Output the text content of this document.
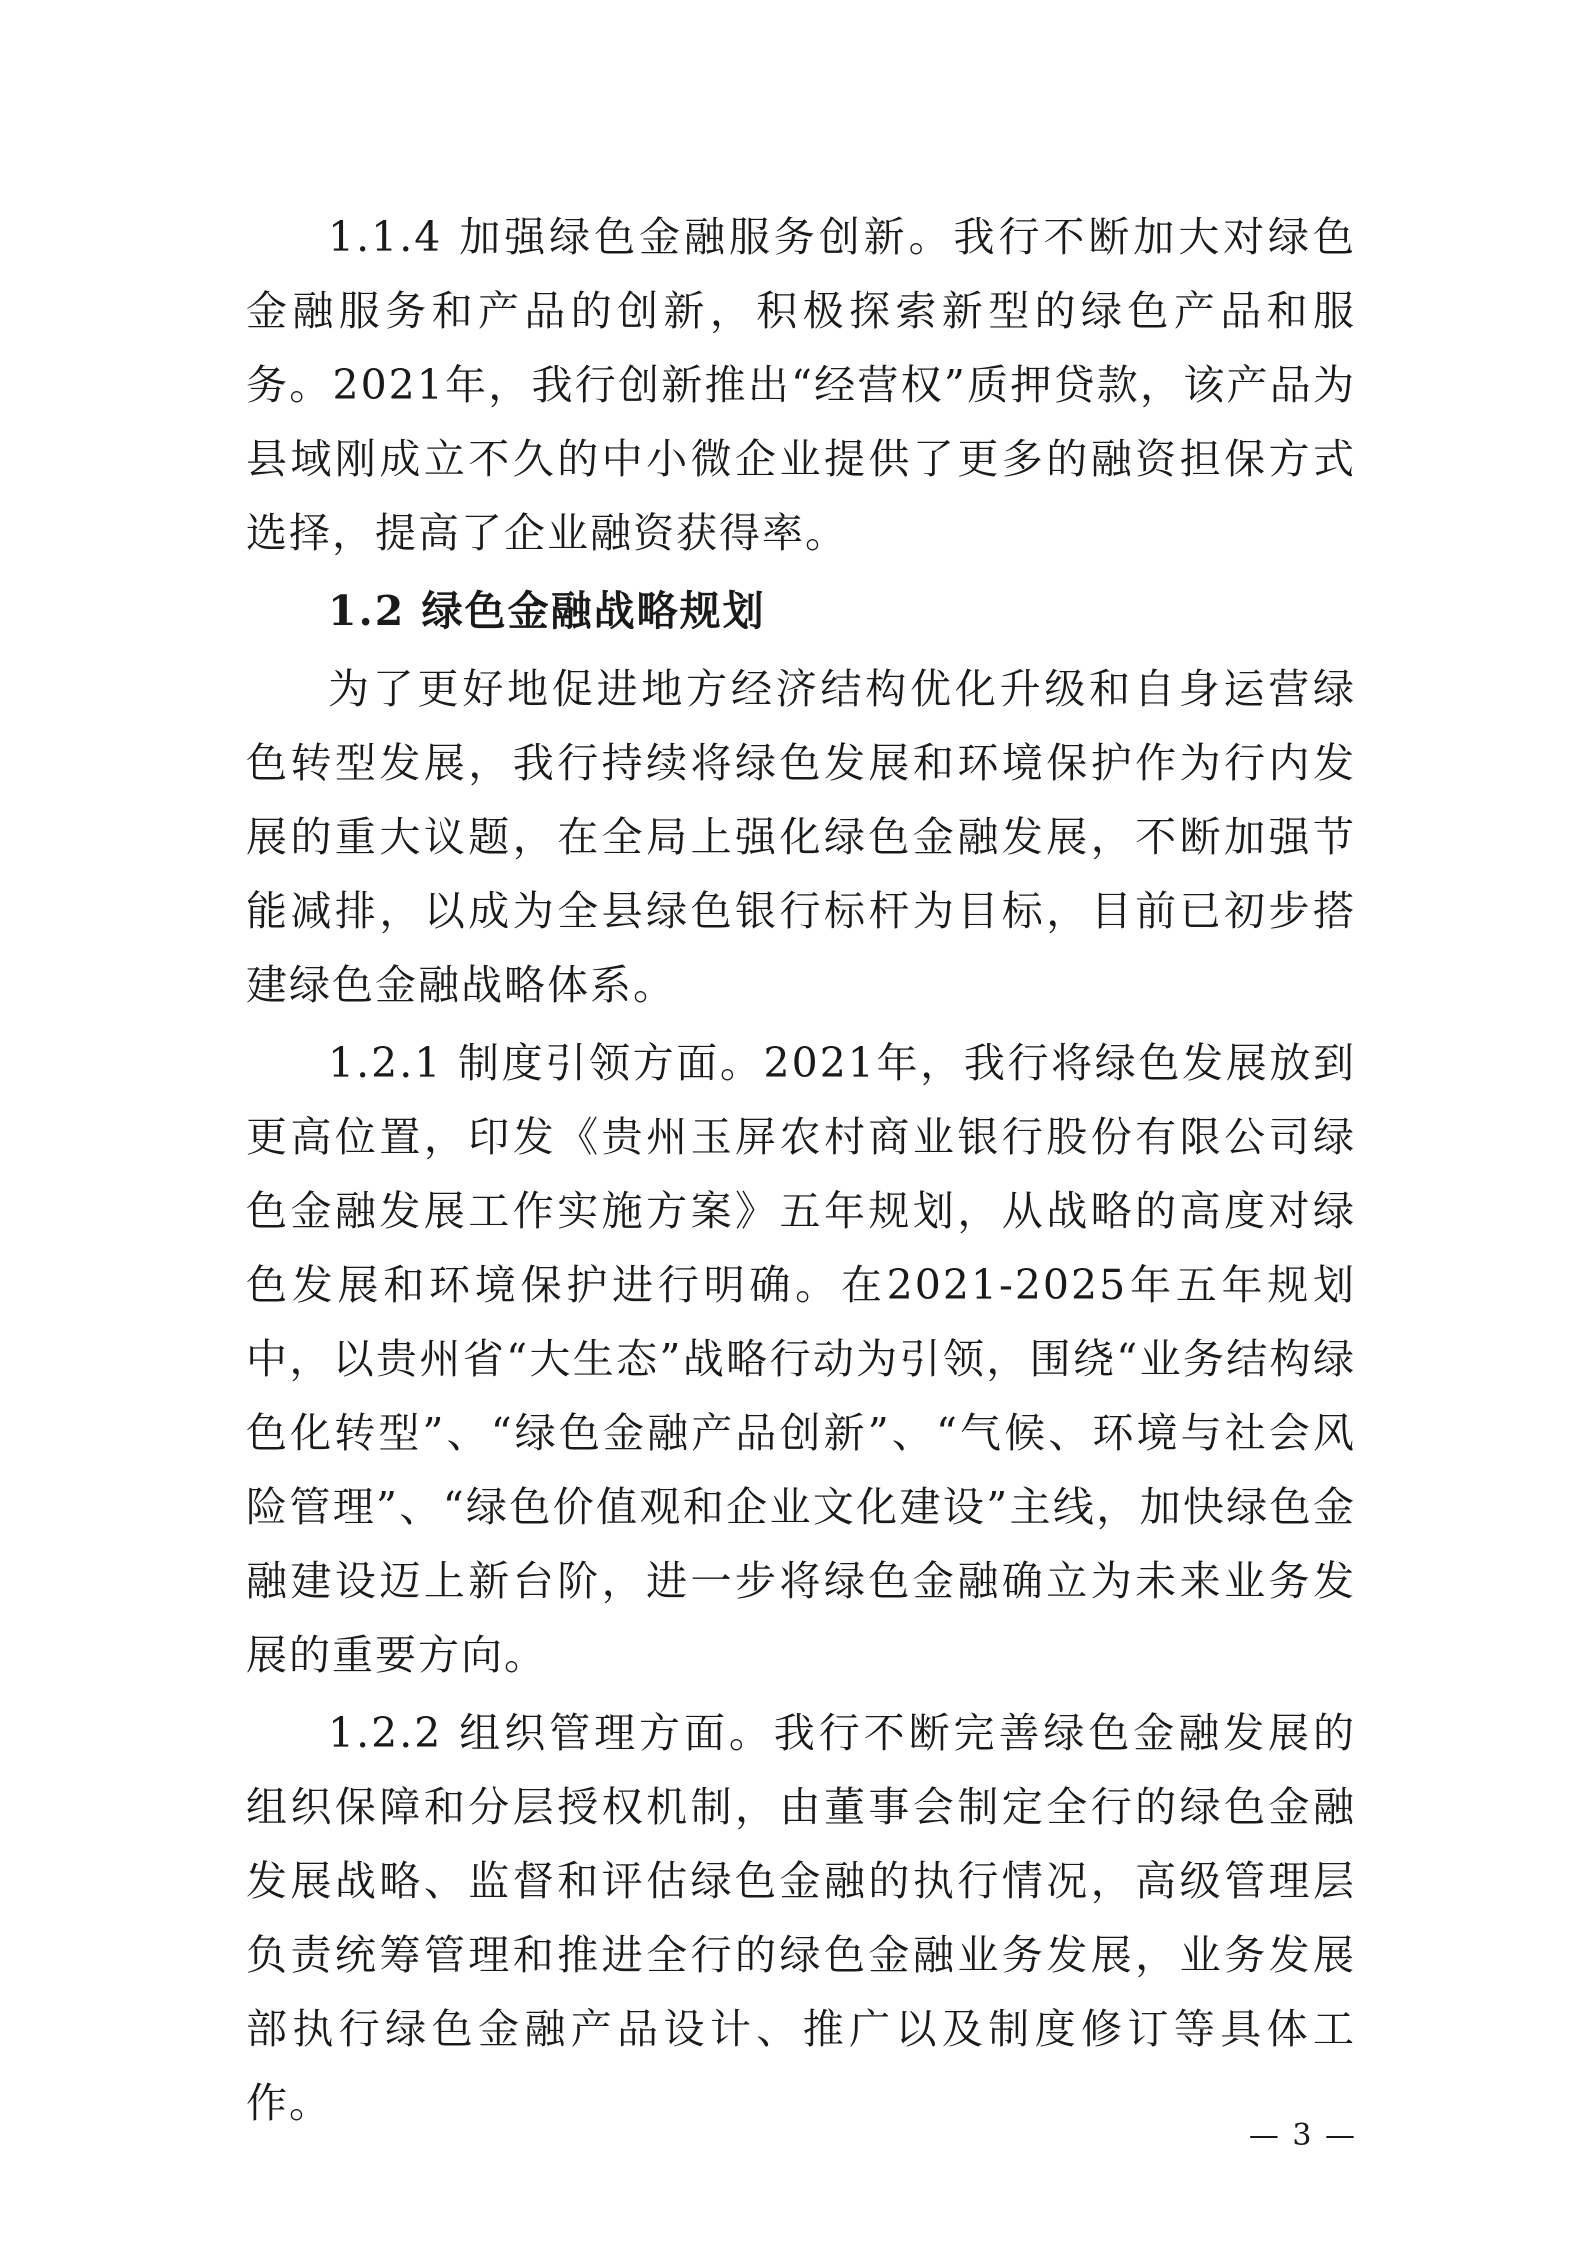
1.1.4 加强绿色金融服务创新。我行不断加大对绿色金融服务和产品的创新，积极探索新型的绿色产品和服务。2021年，我行创新推出“经营权”质押贷款，该产品为县域刚成立不久的中小微企业提供了更多的融资担保方式选择，提高了企业融资获得率。

1.2 绿色金融战略规划

为了更好地促进地方经济结构优化升级和自身运营绿色转型发展，我行持续将绿色发展和环境保护作为行内发展的重大议题，在全局上强化绿色金融发展，不断加强节能减排，以成为全县绿色银行标杆为目标，目前已初步搭建绿色金融战略体系。

1.2.1 制度引领方面。2021年，我行将绿色发展放到更高位置，印发《贵州玉屏农村商业银行股份有限公司绿色金融发展工作实施方案》五年规划，从战略的高度对绿色发展和环境保护进行明确。在2021-2025年五年规划中，以贵州省“大生态”战略行动为引领，围绕“业务结构绿色化转型”、“绿色金融产品创新”、“气候、环境与社会风险管理”、“绿色价值观和企业文化建设”主线，加快绿色金融建设迈上新台阶，进一步将绿色金融确立为未来业务发展的重要方向。

1.2.2 组织管理方面。我行不断完善绿色金融发展的组织保障和分层授权机制，由董事会制定全行的绿色金融发展战略、监督和评估绿色金融的执行情况，高级管理层负责统筹管理和推进全行的绿色金融业务发展，业务发展部执行绿色金融产品设计、推广以及制度修订等具体工作。

— 3 —
